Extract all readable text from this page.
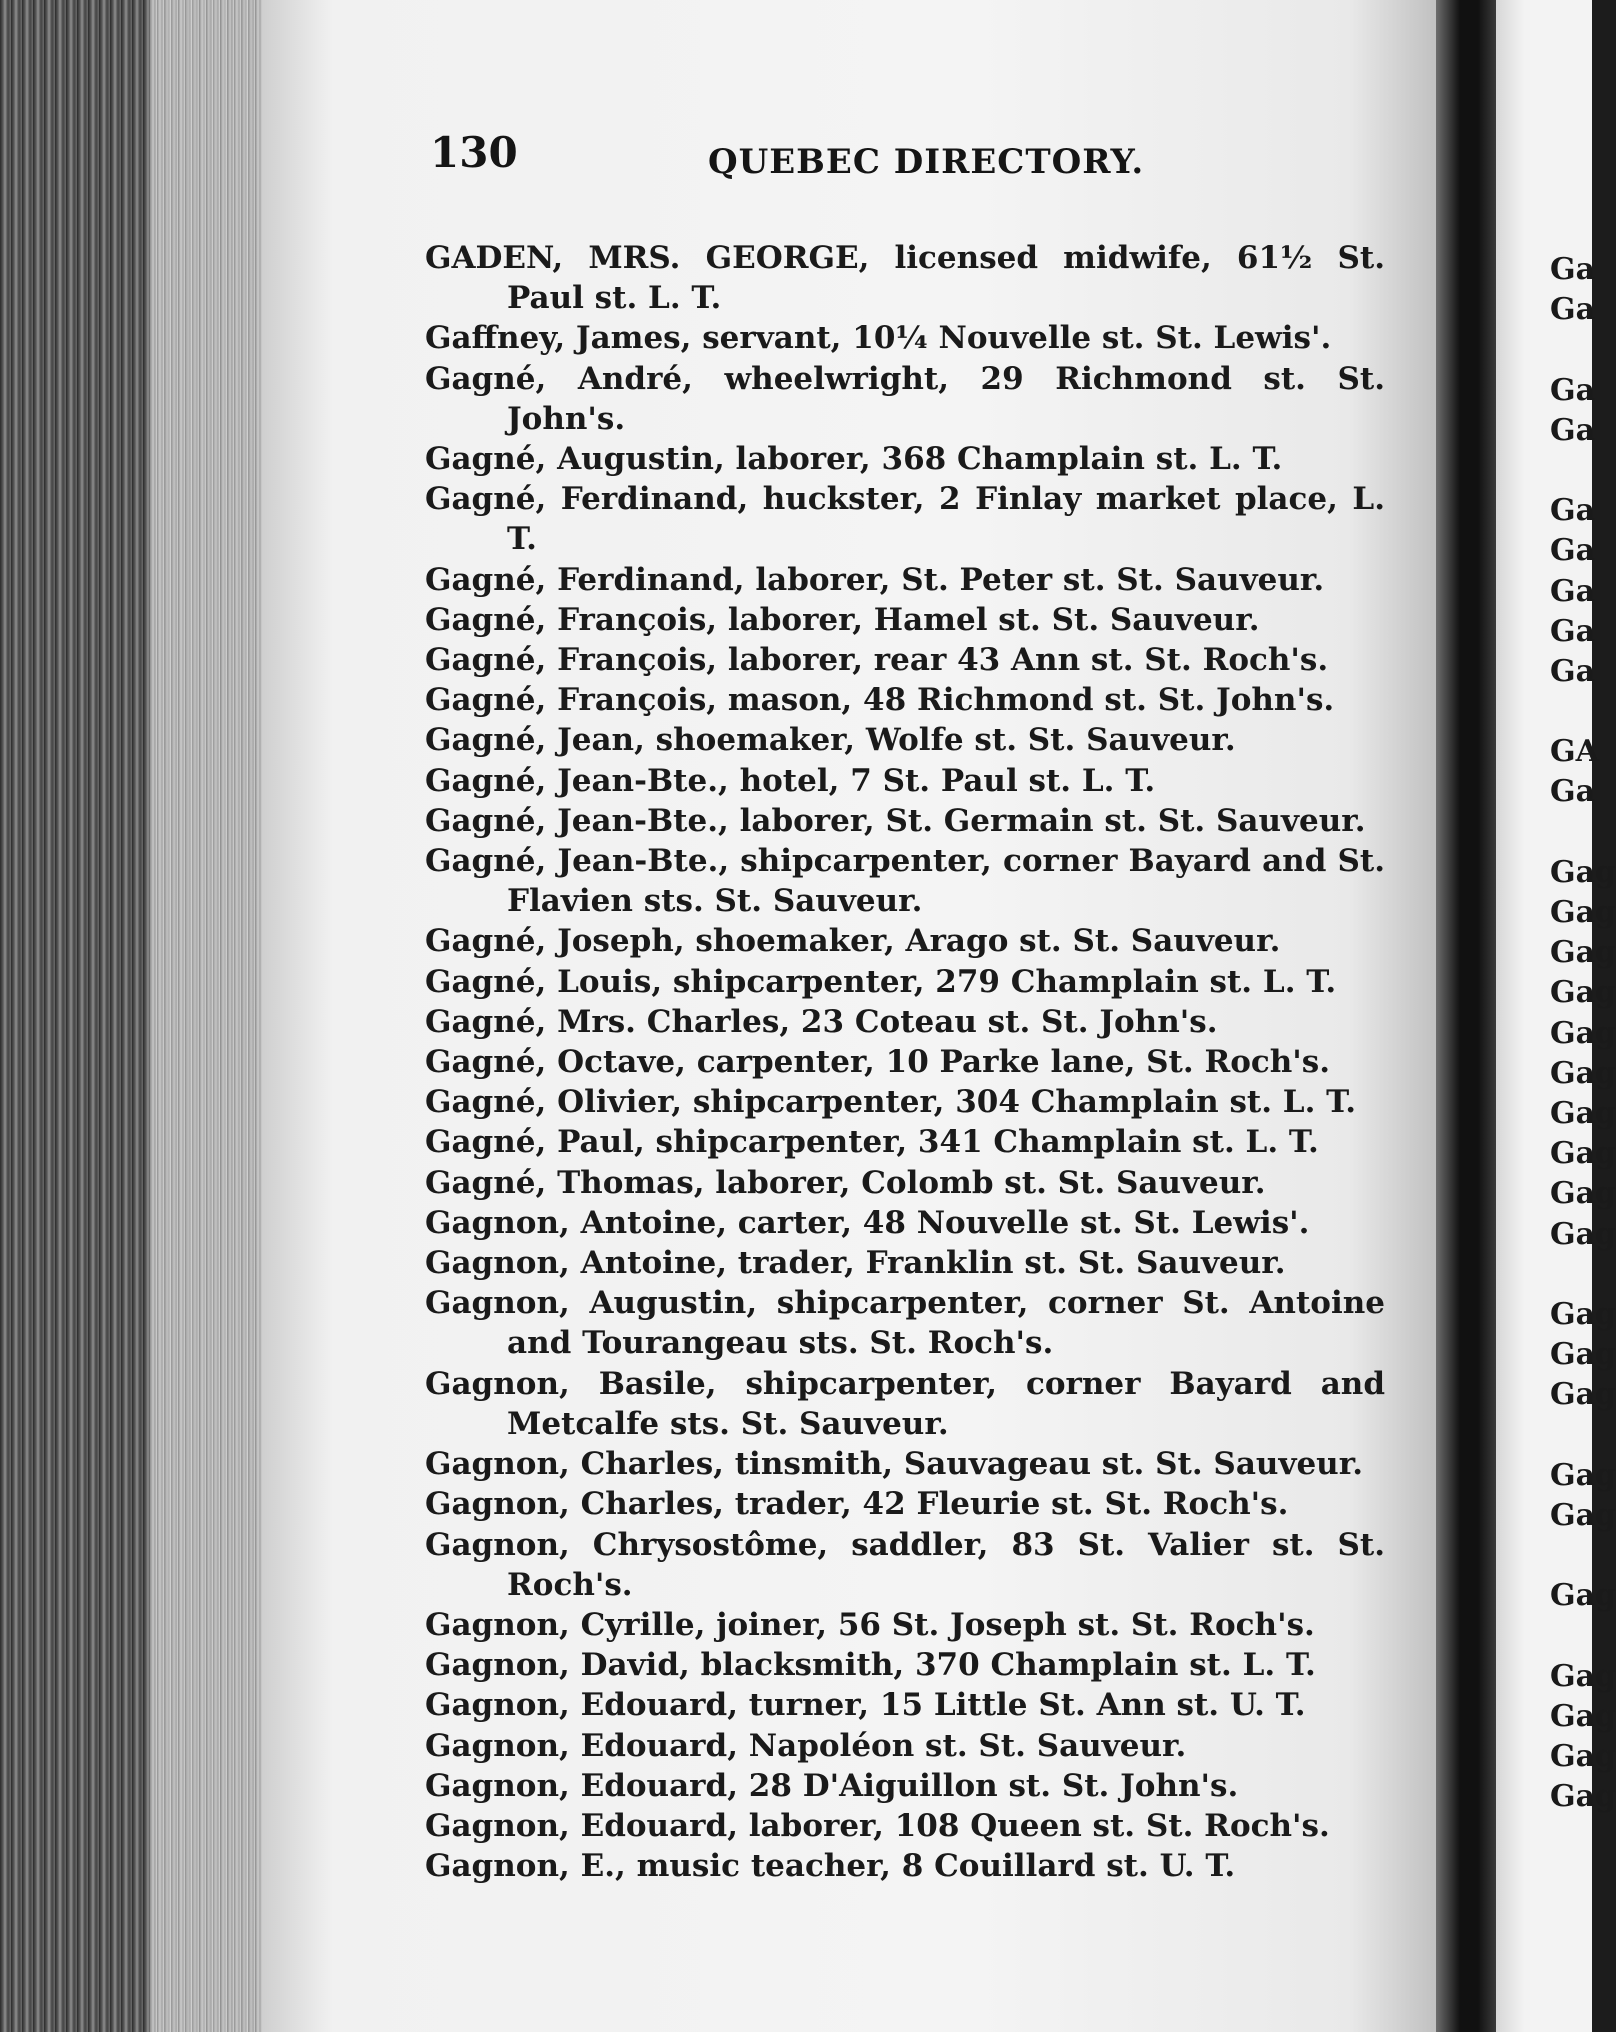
130	QUEBEC DIRECTORY.
GADEN, MRS. GEORGE, licensed midwife, 61½ St. Paul st. L. T.
Gaffney, James, servant, 10¼ Nouvelle st. St. Lewis'.
Gagné, André, wheelwright, 29 Richmond st. St. John's.
Gagné, Augustin, laborer, 368 Champlain st. L. T.
Gagné, Ferdinand, huckster, 2 Finlay market place, L. T.
Gagné, Ferdinand, laborer, St. Peter st. St. Sauveur.
Gagné, François, laborer, Hamel st. St. Sauveur.
Gagné, François, laborer, rear 43 Ann st. St. Roch's.
Gagné, François, mason, 48 Richmond st. St. John's.
Gagné, Jean, shoemaker, Wolfe st. St. Sauveur.
Gagné, Jean-Bte., hotel, 7 St. Paul st. L. T.
Gagné, Jean-Bte., laborer, St. Germain st. St. Sauveur.
Gagné, Jean-Bte., shipcarpenter, corner Bayard and St. Flavien sts. St. Sauveur.
Gagné, Joseph, shoemaker, Arago st. St. Sauveur.
Gagné, Louis, shipcarpenter, 279 Champlain st. L. T.
Gagné, Mrs. Charles, 23 Coteau st. St. John's.
Gagné, Octave, carpenter, 10 Parke lane, St. Roch's.
Gagné, Olivier, shipcarpenter, 304 Champlain st. L. T.
Gagné, Paul, shipcarpenter, 341 Champlain st. L. T.
Gagné, Thomas, laborer, Colomb st. St. Sauveur.
Gagnon, Antoine, carter, 48 Nouvelle st. St. Lewis'.
Gagnon, Antoine, trader, Franklin st. St. Sauveur.
Gagnon, Augustin, shipcarpenter, corner St. Antoine and Tourangeau sts. St. Roch's.
Gagnon, Basile, shipcarpenter, corner Bayard and Metcalfe sts. St. Sauveur.
Gagnon, Charles, tinsmith, Sauvageau st. St. Sauveur.
Gagnon, Charles, trader, 42 Fleurie st. St. Roch's.
Gagnon, Chrysostôme, saddler, 83 St. Valier st. St. Roch's.
Gagnon, Cyrille, joiner, 56 St. Joseph st. St. Roch's.
Gagnon, David, blacksmith, 370 Champlain st. L. T.
Gagnon, Edouard, turner, 15 Little St. Ann st. U. T.
Gagnon, Edouard, Napoléon st. St. Sauveur.
Gagnon, Edouard, 28 D'Aiguillon st. St. John's.
Gagnon, Edouard, laborer, 108 Queen st. St. Roch's.
Gagnon, E., music teacher, 8 Couillard st. U. T.
Ga
Ga
Ga
Ga
Ga
Ga
Ga
Ga
Ga
GA
Ga
Gag
Gag
Gag
Gag
Gag
Gag
Gag
Gag
Gag
Gag
Gag
Gag
Gag
Gag
Gag
Gag
Gag
Gag
Gag
Gag
